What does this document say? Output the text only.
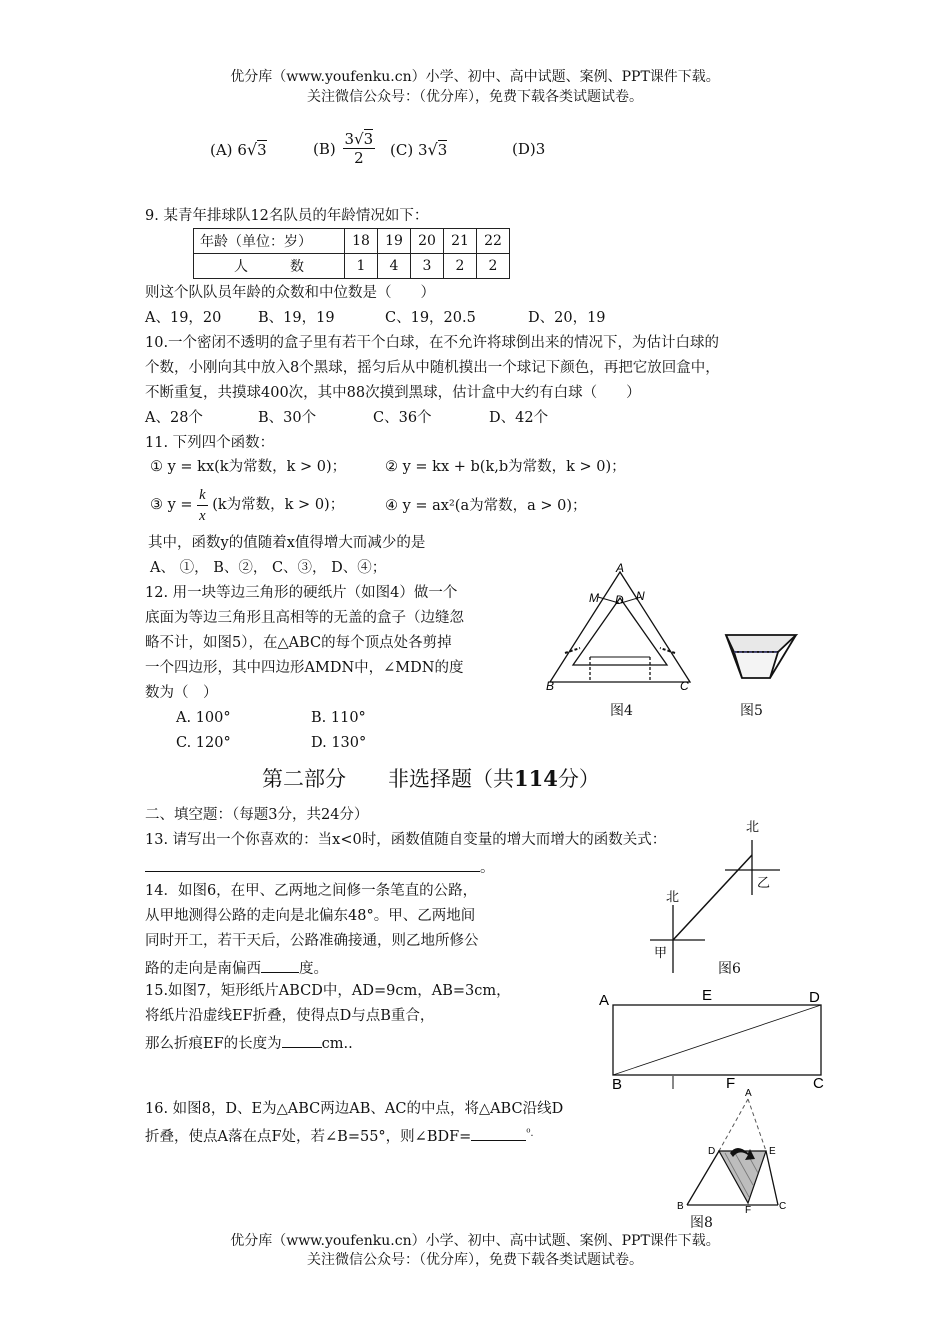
优分库（www.youfenku.cn）小学、初中、高中试题、案例、PPT课件下载。
关注微信公众号：（优分库），免费下载各类试题试卷。
(A) 6√3	$(B) \frac{3√3}{2} (C)$ 3√3	(D)3
9. 某青年排球队12名队员的年龄情况如下：
年龄（单位：岁）	18	19	20	21	22
人　　　数	1	4	3	2	2
则这个队队员年龄的众数和中位数是（　　）
A、19，20	B、19，19	C、19，20.5	D、20，19
10.一个密闭不透明的盒子里有若干个白球，在不允许将球倒出来的情况下，为估计白球的
个数，小刚向其中放入8个黑球，摇匀后从中随机摸出一个球记下颜色，再把它放回盒中，
不断重复，共摸球400次，其中88次摸到黑球，估计盒中大约有白球（　　）
A、28个	B、30个	C、36个	D、42个
11. 下列四个函数：
① y = kx(k为常数，k > 0)；	② y = kx + b(k,b为常数，k > 0)；
③ $y = \frac{k}{x} (k$为常数，k > 0)；	④ y = ax²(a为常数，a > 0)；
其中，函数y的值随着x值得增大而减少的是
A、 ①， B、②， C、③， D、④；
12. 用一块等边三角形的硬纸片（如图4）做一个
底面为等边三角形且高相等的无盖的盒子（边缝忽
略不计，如图5），在△ABC的每个顶点处各剪掉
一个四边形，其中四边形AMDN中，∠MDN的度
数为（　）
A. 100°	B. 110°
C. 120°	D. 130°
A
M D N
B	C
图4	图5
第二部分　　 非选择题（共114分）
二、填空题：（每题3分，共24分）
13. 请写出一个你喜欢的：当x<0时，函数值随自变量的增大而增大的函数关式：
。
14．如图6，在甲、乙两地之间修一条笔直的公路，
从甲地测得公路的走向是北偏东48°。甲、乙两地间
同时开工，若干天后，公路准确接通，则乙地所修公
路的走向是南偏西	度。
北
北
乙
甲
图6
15.如图7，矩形纸片ABCD中，AD=9cm，AB=3cm，
将纸片沿虚线EF折叠，使得点D与点B重合，
那么折痕EF的长度为	cm..
A	E	D
B	F	C
16. 如图8，D、E为△ABC两边AB、AC的中点，将△ABC沿线D
折叠，使点A落在点F处，若∠B=55°，则∠BDF=	$^{^0.}$
A
D	E
B	F	C
图8
优分库（www.youfenku.cn）小学、初中、高中试题、案例、PPT课件下载。
关注微信公众号：（优分库），免费下载各类试题试卷。
